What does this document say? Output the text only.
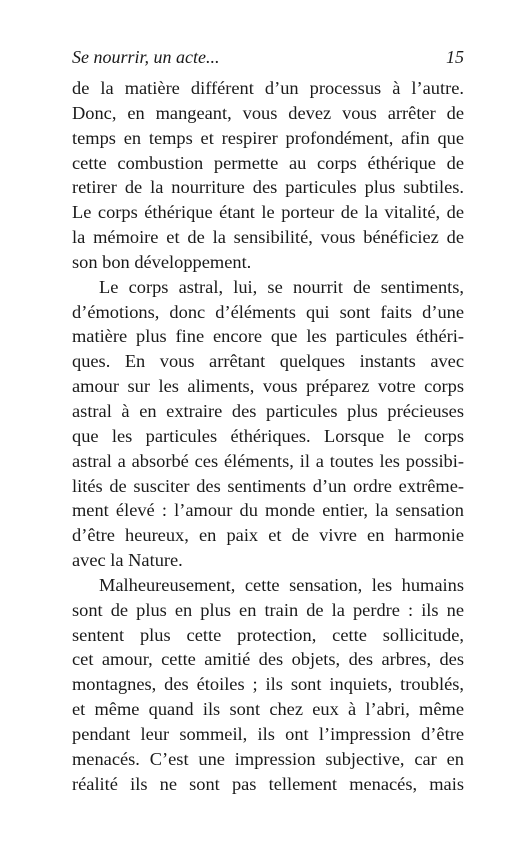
Se nourrir, un acte...	15

de la matière différent d’un processus à l’autre.
Donc, en mangeant, vous devez vous arrêter de
temps en temps et respirer profondément, afin que
cette combustion permette au corps éthérique de
retirer de la nourriture des particules plus subtiles.
Le corps éthérique étant le porteur de la vitalité, de
la mémoire et de la sensibilité, vous bénéficiez de
son bon développement.

Le corps astral, lui, se nourrit de sentiments,
d’émotions, donc d’éléments qui sont faits d’une
matière plus fine encore que les particules éthéri-
ques. En vous arrêtant quelques instants avec
amour sur les aliments, vous préparez votre corps
astral à en extraire des particules plus précieuses
que les particules éthériques. Lorsque le corps
astral a absorbé ces éléments, il a toutes les possibi-
lités de susciter des sentiments d’un ordre extrême-
ment élevé : l’amour du monde entier, la sensation
d’être heureux, en paix et de vivre en harmonie
avec la Nature.

Malheureusement, cette sensation, les humains
sont de plus en plus en train de la perdre : ils ne
sentent plus cette protection, cette sollicitude,
cet amour, cette amitié des objets, des arbres, des
montagnes, des étoiles ; ils sont inquiets, troublés,
et même quand ils sont chez eux à l’abri, même
pendant leur sommeil, ils ont l’impression d’être
menacés. C’est une impression subjective, car en
réalité ils ne sont pas tellement menacés, mais
